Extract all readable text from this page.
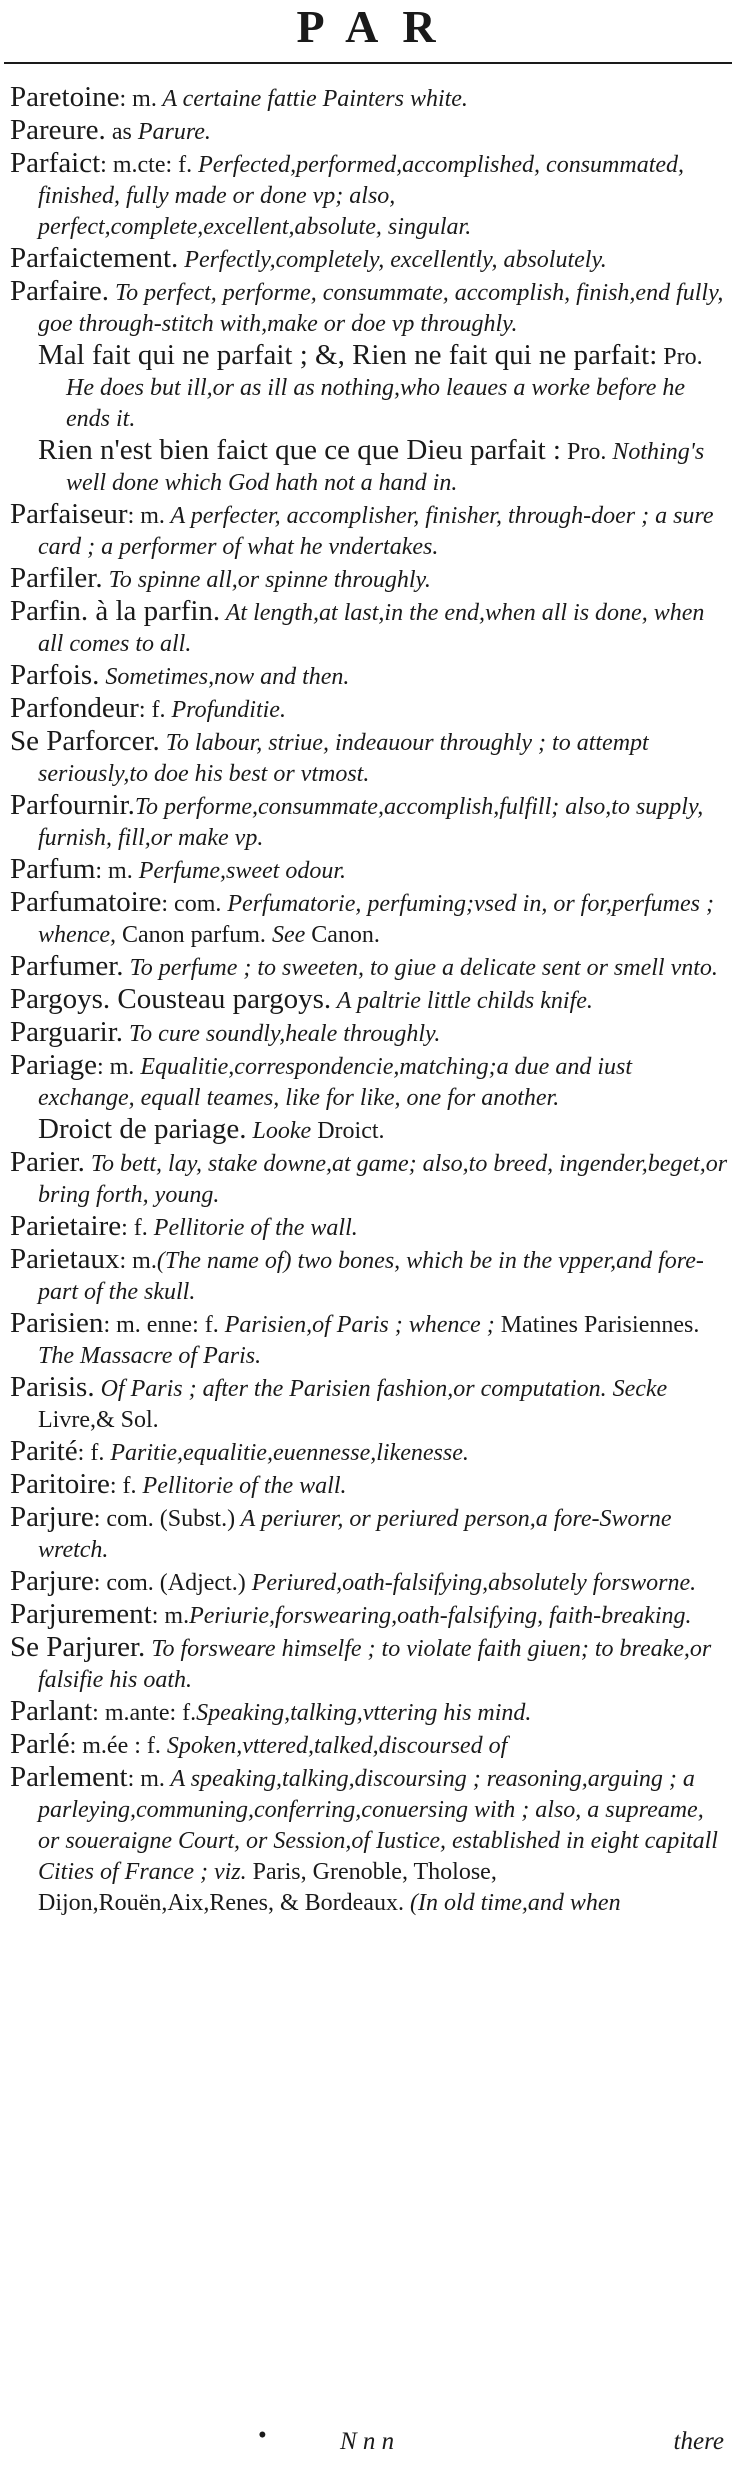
PAR

Paretoine: m. A certaine fattie Painters white.

Pareure. as Parure.

Parfaict: m.cte: f. Perfected,performed,accomplished, consummated, finished, fully made or done vp; also, perfect,complete,excellent,absolute, singular.

Parfaictement. Perfectly,completely, excellently, absolutely.

Parfaire. To perfect, performe, consummate, accomplish, finish,end fully, goe through-stitch with,make or doe vp throughly.

Mal fait qui ne parfait ; &, Rien ne fait qui ne parfait: Pro. He does but ill,or as ill as nothing,who leaues a worke before he ends it.

Rien n'est bien faict que ce que Dieu parfait : Pro. Nothing's well done which God hath not a hand in.

Parfaiseur: m. A perfecter, accomplisher, finisher, through-doer ; a sure card ; a performer of what he vndertakes.

Parfiler. To spinne all,or spinne throughly.

Parfin. à la parfin. At length,at last,in the end,when all is done, when all comes to all.

Parfois. Sometimes,now and then.

Parfondeur: f. Profunditie.

Se Parforcer. To labour, striue, indeauour throughly ; to attempt seriously,to doe his best or vtmost.

Parfournir.To performe,consummate,accomplish,fulfill; also,to supply, furnish, fill,or make vp.

Parfum: m. Perfume,sweet odour.

Parfumatoire: com. Perfumatorie, perfuming;vsed in, or for,perfumes ; whence, Canon parfum. See Canon.

Parfumer. To perfume ; to sweeten, to giue a delicate sent or smell vnto.

Pargoys. Cousteau pargoys. A paltrie little childs knife.

Parguarir. To cure soundly,heale throughly.

Pariage: m. Equalitie,correspondencie,matching;a due and iust exchange, equall teames, like for like, one for another.

Droict de pariage. Looke Droict.

Parier. To bett, lay, stake downe,at game; also,to breed, ingender,beget,or bring forth, young.

Parietaire: f. Pellitorie of the wall.

Parietaux: m.(The name of) two bones, which be in the vpper,and fore-part of the skull.

Parisien: m. enne: f. Parisien,of Paris ; whence ; Matines Parisiennes. The Massacre of Paris.

Parisis. Of Paris ; after the Parisien fashion,or computation. Secke Livre,& Sol.

Parité: f. Paritie,equalitie,euennesse,likenesse.

Paritoire: f. Pellitorie of the wall.

Parjure: com. (Subst.) A periurer, or periured person,a fore-Sworne wretch.

Parjure: com. (Adject.) Periured,oath-falsifying,absolutely forsworne.

Parjurement: m.Periurie,forswearing,oath-falsifying, faith-breaking.

Se Parjurer. To forsweare himselfe ; to violate faith giuen; to breake,or falsifie his oath.

Parlant: m.ante: f.Speaking,talking,vttering his mind.

Parlé: m.ée : f. Spoken,vttered,talked,discoursed of

Parlement: m. A speaking,talking,discoursing ; reasoning,arguing ; a parleying,communing,conferring,conuersing with ; also, a supreame, or soueraigne Court, or Session,of Iustice, established in eight capitall Cities of France ; viz. Paris, Grenoble, Tholose, Dijon,Rouën,Aix,Renes, & Bordeaux. (In old time,and when

•	N n n	there
